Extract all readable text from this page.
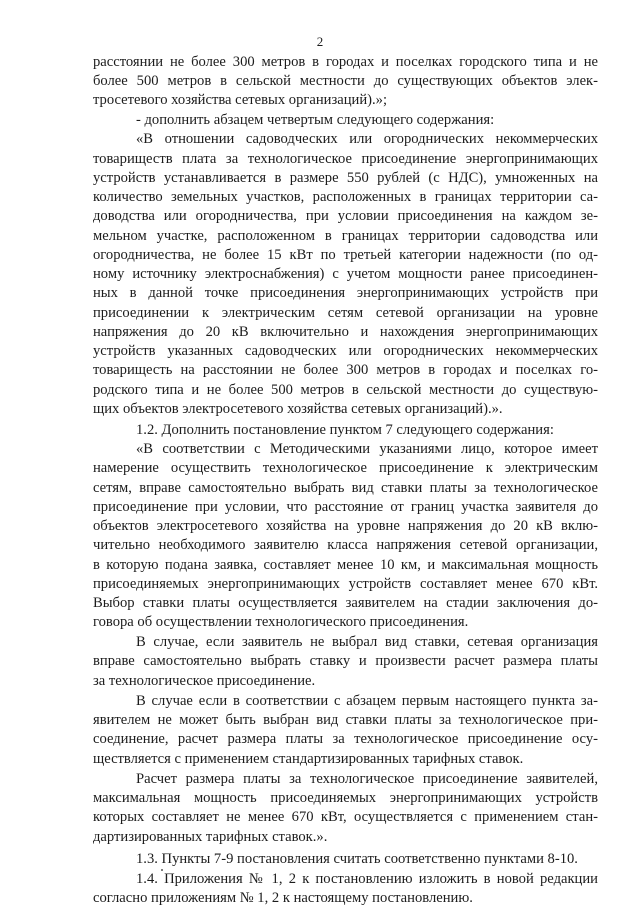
2
расстоянии не более 300 метров в городах и поселках городского типа и не
более 500 метров в сельской местности до существующих объектов элек-
тросетевого хозяйства сетевых организаций).»;
- дополнить абзацем четвертым следующего содержания:
«В отношении садоводческих или огороднических некоммерческих
товариществ плата за технологическое присоединение энергопринимающих
устройств устанавливается в размере 550 рублей (с НДС), умноженных на
количество земельных участков, расположенных в границах территории са-
доводства или огородничества, при условии присоединения на каждом зе-
мельном участке, расположенном в границах территории садоводства или
огородничества, не более 15 кВт по третьей категории надежности (по од-
ному источнику электроснабжения) с учетом мощности ранее присоединен-
ных в данной точке присоединения энергопринимающих устройств при
присоединении к электрическим сетям сетевой организации на уровне
напряжения до 20 кВ включительно и нахождения энергопринимающих
устройств указанных садоводческих или огороднических некоммерческих
товарищесть на расстоянии не более 300 метров в городах и поселках го-
родского типа и не более 500 метров в сельской местности до существую-
щих объектов электросетевого хозяйства сетевых организаций).».
1.2. Дополнить постановление пунктом 7 следующего содержания:
«В соответствии с Методическими указаниями лицо, которое имеет
намерение осуществить технологическое присоединение к электрическим
сетям, вправе самостоятельно выбрать вид ставки платы за технологическое
присоединение при условии, что расстояние от границ участка заявителя до
объектов электросетевого хозяйства на уровне напряжения до 20 кВ вклю-
чительно необходимого заявителю класса напряжения сетевой организации,
в которую подана заявка, составляет менее 10 км, и максимальная мощность
присоединяемых энергопринимающих устройств составляет менее 670 кВт.
Выбор ставки платы осуществляется заявителем на стадии заключения до-
говора об осуществлении технологического присоединения.
В случае, если заявитель не выбрал вид ставки, сетевая организация
вправе самостоятельно выбрать ставку и произвести расчет размера платы
за технологическое присоединение.
В случае если в соответствии с абзацем первым настоящего пункта за-
явителем не может быть выбран вид ставки платы за технологическое при-
соединение, расчет размера платы за технологическое присоединение осу-
ществляется с применением стандартизированных тарифных ставок.
Расчет размера платы за технологическое присоединение заявителей,
максимальная мощность присоединяемых энергопринимающих устройств
которых составляет не менее 670 кВт, осуществляется с применением стан-
дартизированных тарифных ставок.».
1.3. Пункты 7-9 постановления считать соответственно пунктами 8-10.
1.4. Приложения № 1, 2 к постановлению изложить в новой редакции
согласно приложениям № 1, 2 к настоящему постановлению.
